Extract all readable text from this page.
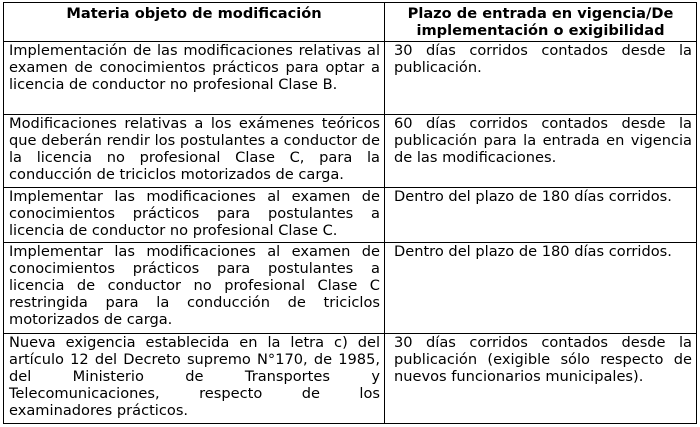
Materia objeto de modificación	Plazo de entrada en vigencia/De implementación o exigibilidad
Implementación de las modificaciones relativas al examen de conocimientos prácticos para optar a licencia de conductor no profesional Clase B.	30 días corridos contados desde la publicación.
Modificaciones relativas a los exámenes teóricos que deberán rendir los postulantes a conductor de la licencia no profesional Clase C, para la conducción de triciclos motorizados de carga.	60 días corridos contados desde la publicación para la entrada en vigencia de las modificaciones.
Implementar las modificaciones al examen de conocimientos prácticos para postulantes a licencia de conductor no profesional Clase C.	Dentro del plazo de 180 días corridos.
Implementar las modificaciones al examen de conocimientos prácticos para postulantes a licencia de conductor no profesional Clase C restringida para la conducción de triciclos motorizados de carga.	Dentro del plazo de 180 días corridos.
Nueva exigencia establecida en la letra c) del artículo 12 del Decreto supremo N°170, de 1985, del Ministerio de Transportes y Telecomunicaciones, respecto de los examinadores prácticos.	30 días corridos contados desde la publicación (exigible sólo respecto de nuevos funcionarios municipales).
